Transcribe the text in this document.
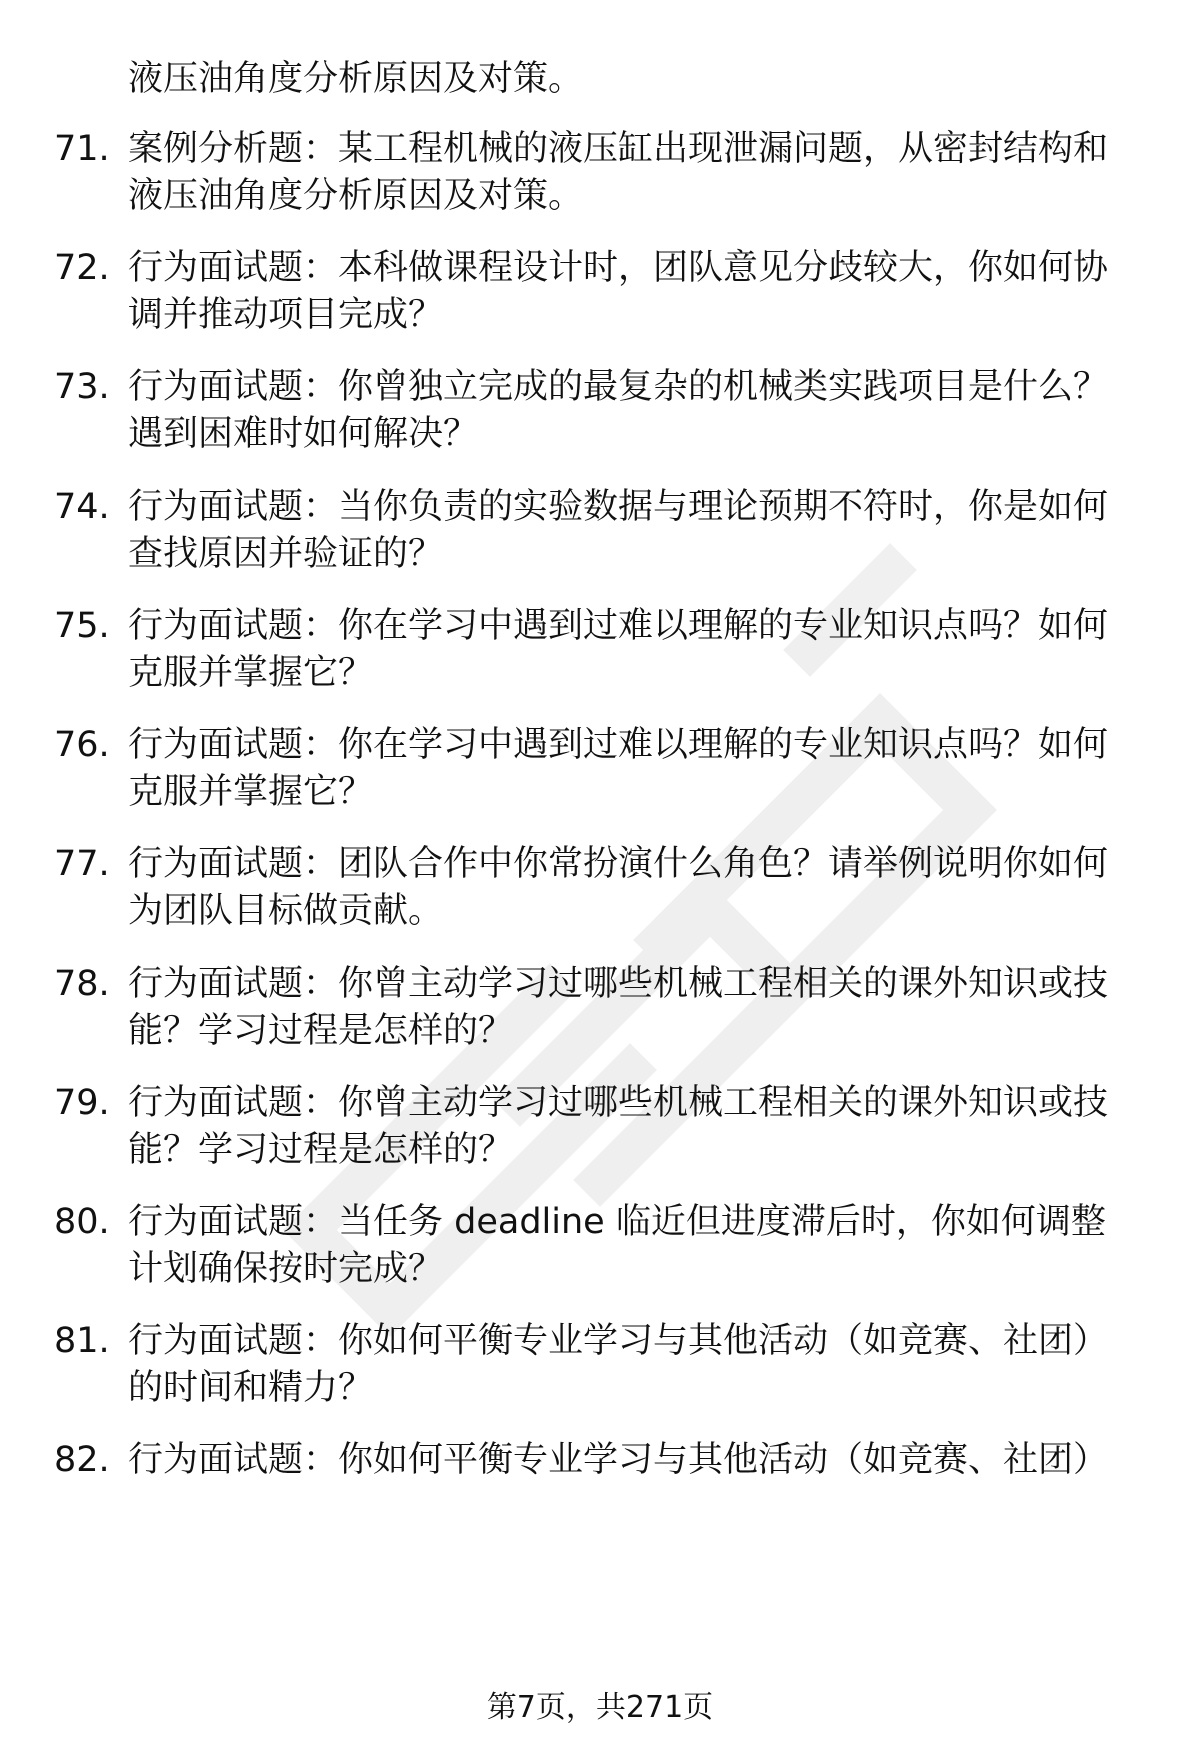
液压油角度分析原因及对策。
71. 案例分析题：某工程机械的液压缸出现泄漏问题，从密封结构和
液压油角度分析原因及对策。
72. 行为面试题：本科做课程设计时，团队意见分歧较大，你如何协
调并推动项目完成？
73. 行为面试题：你曾独立完成的最复杂的机械类实践项目是什么？
遇到困难时如何解决？
74. 行为面试题：当你负责的实验数据与理论预期不符时，你是如何
查找原因并验证的？
75. 行为面试题：你在学习中遇到过难以理解的专业知识点吗？如何
克服并掌握它？
76. 行为面试题：你在学习中遇到过难以理解的专业知识点吗？如何
克服并掌握它？
77. 行为面试题：团队合作中你常扮演什么角色？请举例说明你如何
为团队目标做贡献。
78. 行为面试题：你曾主动学习过哪些机械工程相关的课外知识或技
能？学习过程是怎样的？
79. 行为面试题：你曾主动学习过哪些机械工程相关的课外知识或技
能？学习过程是怎样的？
80. 行为面试题：当任务 deadline 临近但进度滞后时，你如何调整
计划确保按时完成？
81. 行为面试题：你如何平衡专业学习与其他活动（如竞赛、社团）
的时间和精力？
82. 行为面试题：你如何平衡专业学习与其他活动（如竞赛、社团）
第7页，共271页
